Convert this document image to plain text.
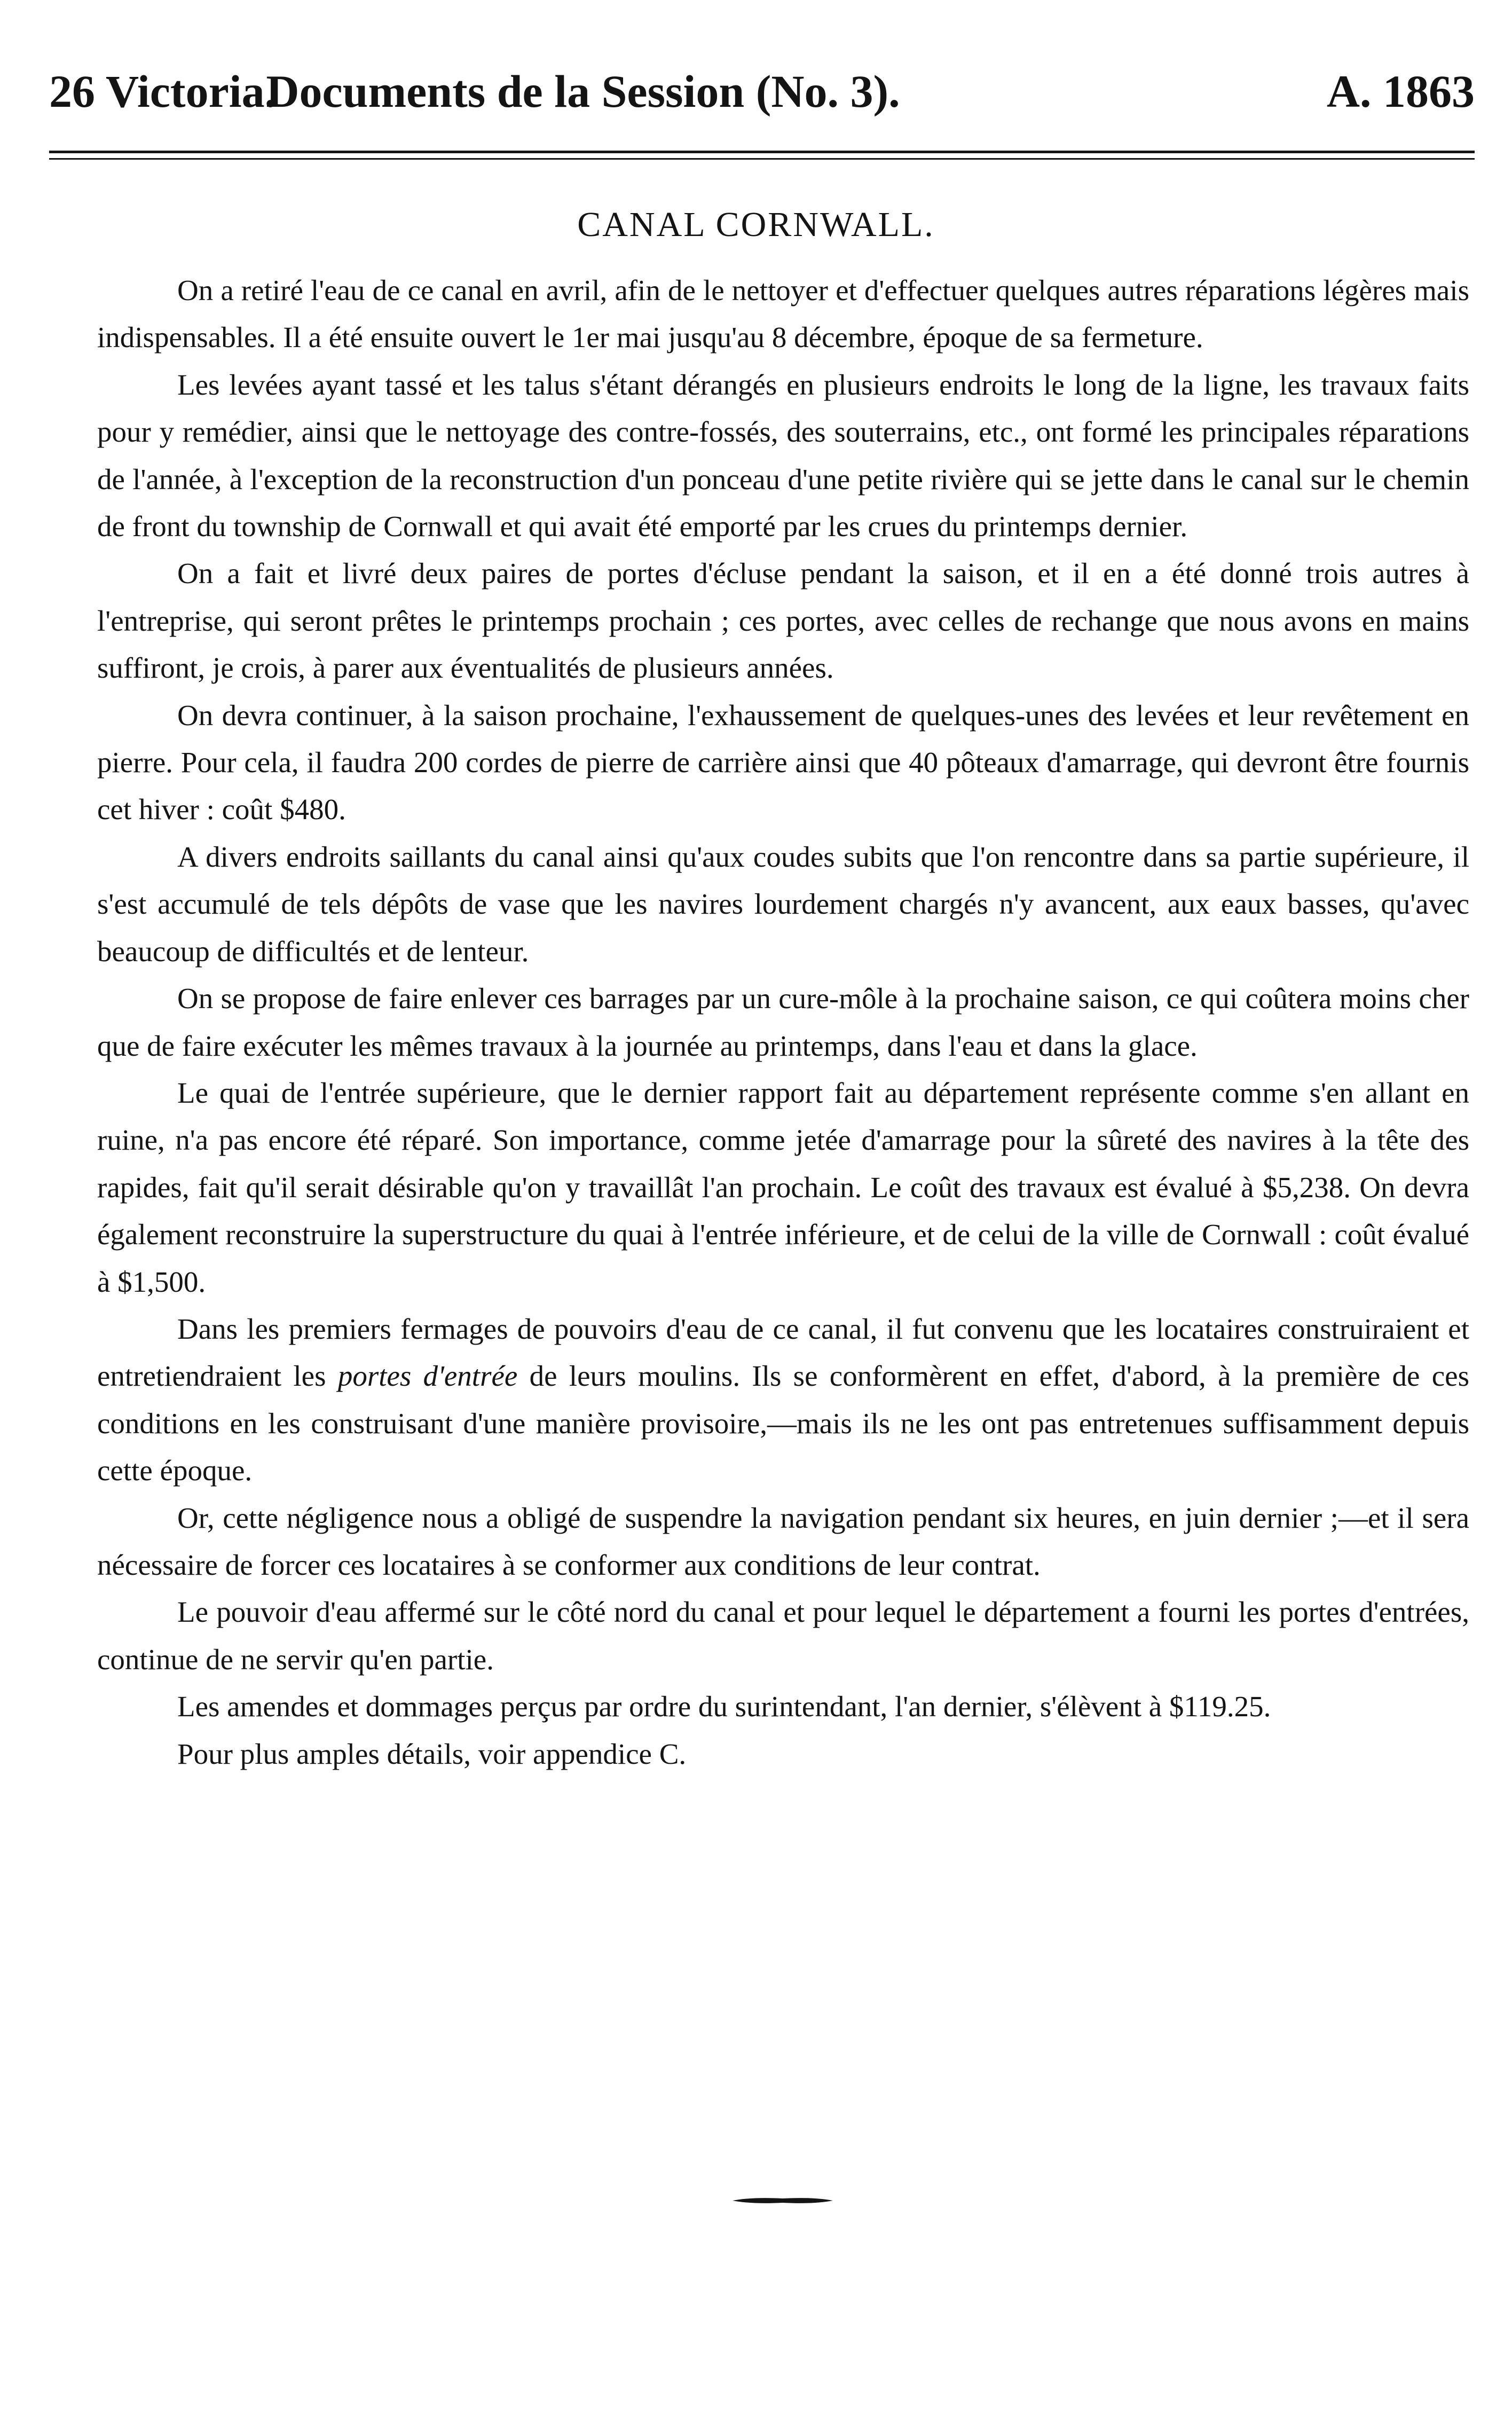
26 Victoria.
Documents de la Session (No. 3).	A. 1863
CANAL CORNWALL.

On a retiré l'eau de ce canal en avril, afin de le nettoyer et d'effectuer quelques autres réparations légères mais indispensables. Il a été ensuite ouvert le 1er mai jusqu'au 8 décembre, époque de sa fermeture.

Les levées ayant tassé et les talus s'étant dérangés en plusieurs endroits le long de la ligne, les travaux faits pour y remédier, ainsi que le nettoyage des contre-fossés, des souterrains, etc., ont formé les principales réparations de l'année, à l'exception de la reconstruction d'un ponceau d'une petite rivière qui se jette dans le canal sur le chemin de front du township de Cornwall et qui avait été emporté par les crues du printemps dernier.

On a fait et livré deux paires de portes d'écluse pendant la saison, et il en a été donné trois autres à l'entreprise, qui seront prêtes le printemps prochain ; ces portes, avec celles de rechange que nous avons en mains suffiront, je crois, à parer aux éventualités de plusieurs années.

On devra continuer, à la saison prochaine, l'exhaussement de quelques-unes des levées et leur revêtement en pierre. Pour cela, il faudra 200 cordes de pierre de carrière ainsi que 40 pôteaux d'amarrage, qui devront être fournis cet hiver : coût $480.

A divers endroits saillants du canal ainsi qu'aux coudes subits que l'on rencontre dans sa partie supérieure, il s'est accumulé de tels dépôts de vase que les navires lourdement chargés n'y avancent, aux eaux basses, qu'avec beaucoup de difficultés et de lenteur.

On se propose de faire enlever ces barrages par un cure-môle à la prochaine saison, ce qui coûtera moins cher que de faire exécuter les mêmes travaux à la journée au printemps, dans l'eau et dans la glace.

Le quai de l'entrée supérieure, que le dernier rapport fait au département représente comme s'en allant en ruine, n'a pas encore été réparé. Son importance, comme jetée d'amarrage pour la sûreté des navires à la tête des rapides, fait qu'il serait désirable qu'on y travaillât l'an prochain. Le coût des travaux est évalué à $5,238. On devra également reconstruire la superstructure du quai à l'entrée inférieure, et de celui de la ville de Cornwall : coût évalué à $1,500.

Dans les premiers fermages de pouvoirs d'eau de ce canal, il fut convenu que les locataires construiraient et entretiendraient les portes d'entrée de leurs moulins. Ils se conformèrent en effet, d'abord, à la première de ces conditions en les construisant d'une manière provisoire,—mais ils ne les ont pas entretenues suffisamment depuis cette époque.

Or, cette négligence nous a obligé de suspendre la navigation pendant six heures, en juin dernier ;—et il sera nécessaire de forcer ces locataires à se conformer aux conditions de leur contrat.

Le pouvoir d'eau affermé sur le côté nord du canal et pour lequel le département a fourni les portes d'entrées, continue de ne servir qu'en partie.

Les amendes et dommages perçus par ordre du surintendant, l'an dernier, s'élèvent à $119.25.

Pour plus amples détails, voir appendice C.
